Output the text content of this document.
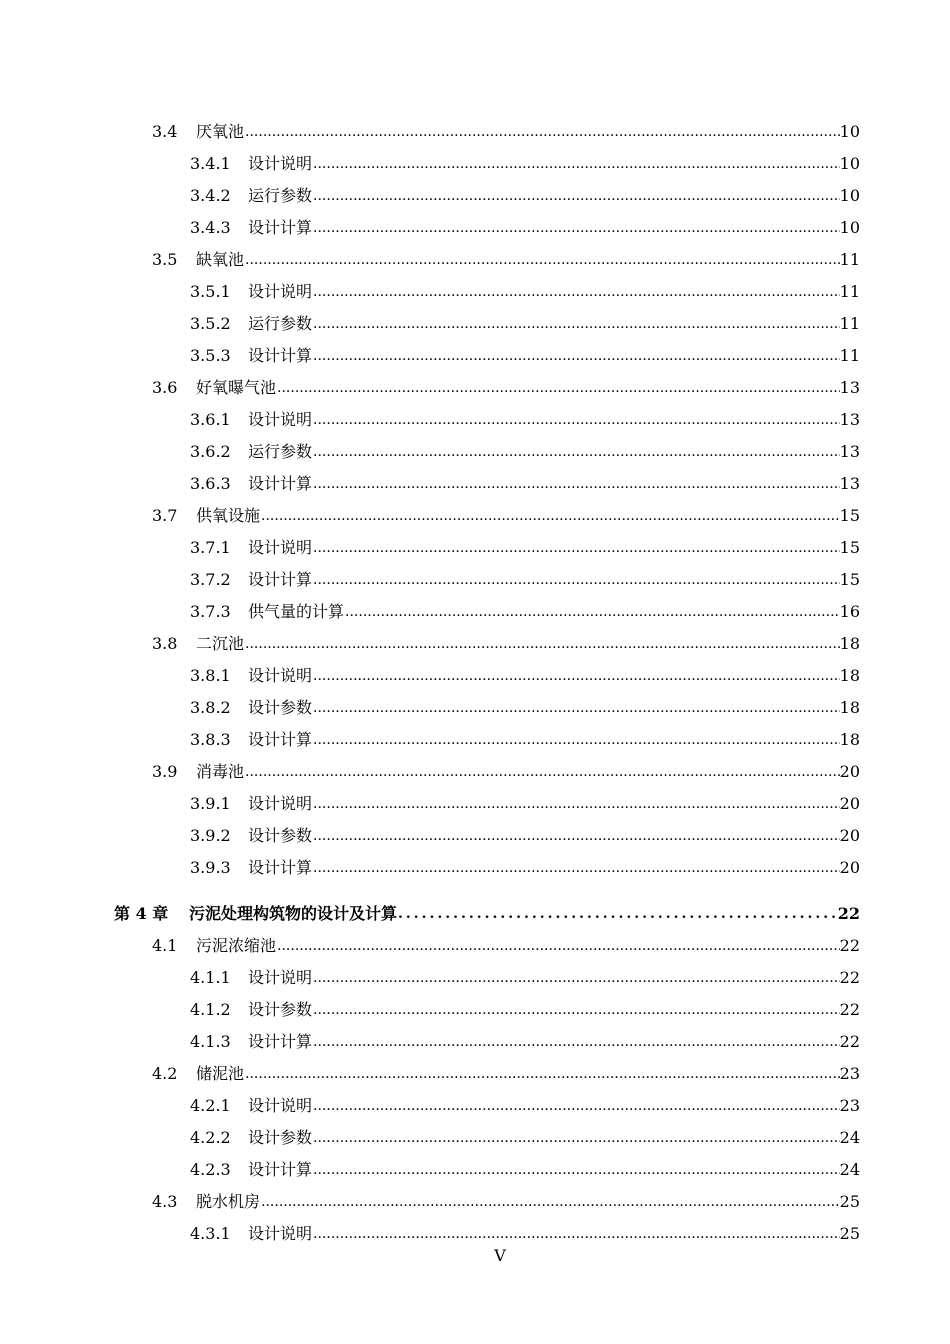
3.4	厌氧池 .....	10
3.4.1	设计说明 .....	10
3.4.2	运行参数 .....	10
3.4.3	设计计算 .....	10
3.5	缺氧池 .....	11
3.5.1	设计说明 .....	11
3.5.2	运行参数 .....	11
3.5.3	设计计算 .....	11
3.6	好氧曝气池 .....	13
3.6.1	设计说明 .....	13
3.6.2	运行参数 .....	13
3.6.3	设计计算 .....	13
3.7	供氧设施 .....	15
3.7.1	设计说明 .....	15
3.7.2	设计计算 .....	15
3.7.3	供气量的计算 .....	16
3.8	二沉池 .....	18
3.8.1	设计说明 .....	18
3.8.2	设计参数 .....	18
3.8.3	设计计算 .....	18
3.9	消毒池 .....	20
3.9.1	设计说明 .....	20
3.9.2	设计参数 .....	20
3.9.3	设计计算 .....	20
第 4 章	污泥处理构筑物的设计及计算 .....	22
4.1	污泥浓缩池 .....	22
4.1.1	设计说明 .....	22
4.1.2	设计参数 .....	22
4.1.3	设计计算 .....	22
4.2	储泥池 .....	23
4.2.1	设计说明 .....	23
4.2.2	设计参数 .....	24
4.2.3	设计计算 .....	24
4.3	脱水机房 .....	25
4.3.1	设计说明 .....	25
V
